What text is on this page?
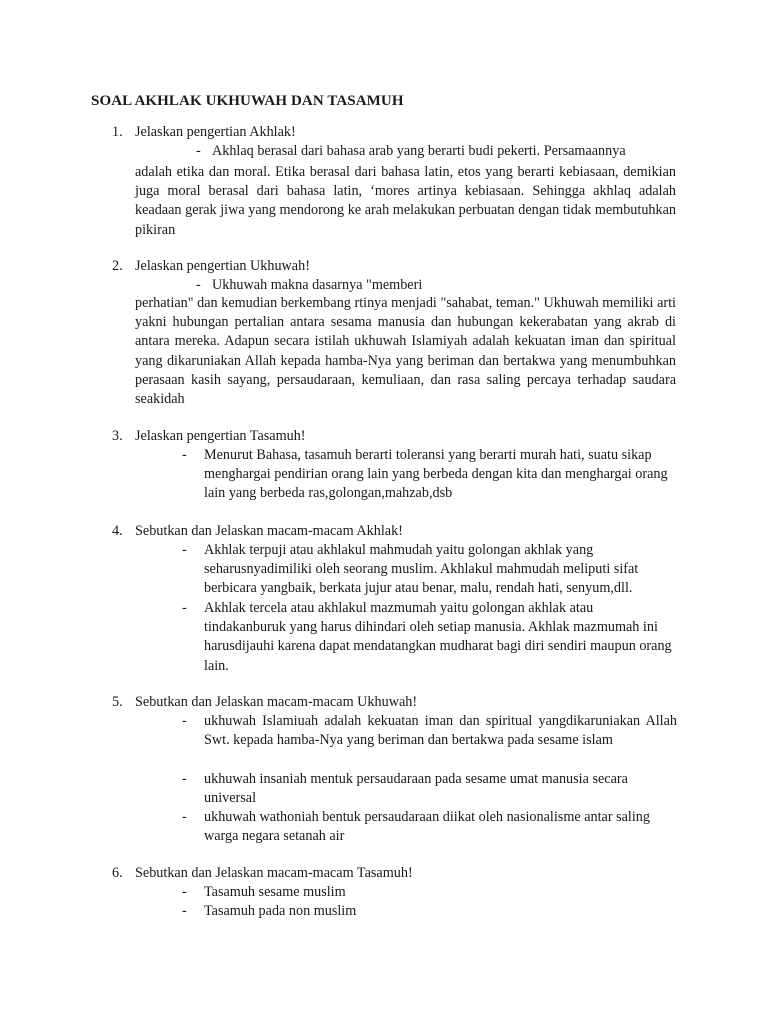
SOAL AKHLAK UKHUWAH DAN TASAMUH
1. Jelaskan pengertian Akhlak!
- Akhlaq berasal dari bahasa arab yang berarti budi pekerti. Persamaannya
adalah etika dan moral. Etika berasal dari bahasa latin, etos yang berarti kebiasaan, demikian juga moral berasal dari bahasa latin, ‘mores artinya kebiasaan. Sehingga akhlaq adalah keadaan gerak jiwa yang mendorong ke arah melakukan perbuatan dengan tidak membutuhkan pikiran
2. Jelaskan pengertian Ukhuwah!
- Ukhuwah makna dasarnya "memberi
perhatian" dan kemudian berkembang rtinya menjadi "sahabat, teman." Ukhuwah memiliki arti yakni hubungan pertalian antara sesama manusia dan hubungan kekerabatan yang akrab di antara mereka. Adapun secara istilah ukhuwah Islamiyah adalah kekuatan iman dan spiritual yang dikaruniakan Allah kepada hamba-Nya yang beriman dan bertakwa yang menumbuhkan perasaan kasih sayang, persaudaraan, kemuliaan, dan rasa saling percaya terhadap saudara seakidah
3. Jelaskan pengertian Tasamuh!
- Menurut Bahasa, tasamuh berarti toleransi yang berarti murah hati, suatu sikap menghargai pendirian orang lain yang berbeda dengan kita dan menghargai orang lain yang berbeda ras,golongan,mahzab,dsb
4. Sebutkan dan Jelaskan macam-macam Akhlak!
- Akhlak terpuji atau akhlakul mahmudah yaitu golongan akhlak yang seharusnyadimiliki oleh seorang muslim. Akhlakul mahmudah meliputi sifat berbicara yangbaik, berkata jujur atau benar, malu, rendah hati, senyum,dll.
- Akhlak tercela atau akhlakul mazmumah yaitu golongan akhlak atau tindakanburuk yang harus dihindari oleh setiap manusia. Akhlak mazmumah ini harusdijauhi karena dapat mendatangkan mudharat bagi diri sendiri maupun orang lain.
5. Sebutkan dan Jelaskan macam-macam Ukhuwah!
- ukhuwah Islamiuah adalah kekuatan iman dan spiritual yangdikaruniakan Allah Swt. kepada hamba-Nya yang beriman dan bertakwa pada sesame islam
- ukhuwah insaniah mentuk persaudaraan pada sesame umat manusia secara universal
- ukhuwah wathoniah bentuk persaudaraan diikat oleh nasionalisme antar saling warga negara setanah air
6. Sebutkan dan Jelaskan macam-macam Tasamuh!
- Tasamuh sesame muslim
- Tasamuh pada non muslim
